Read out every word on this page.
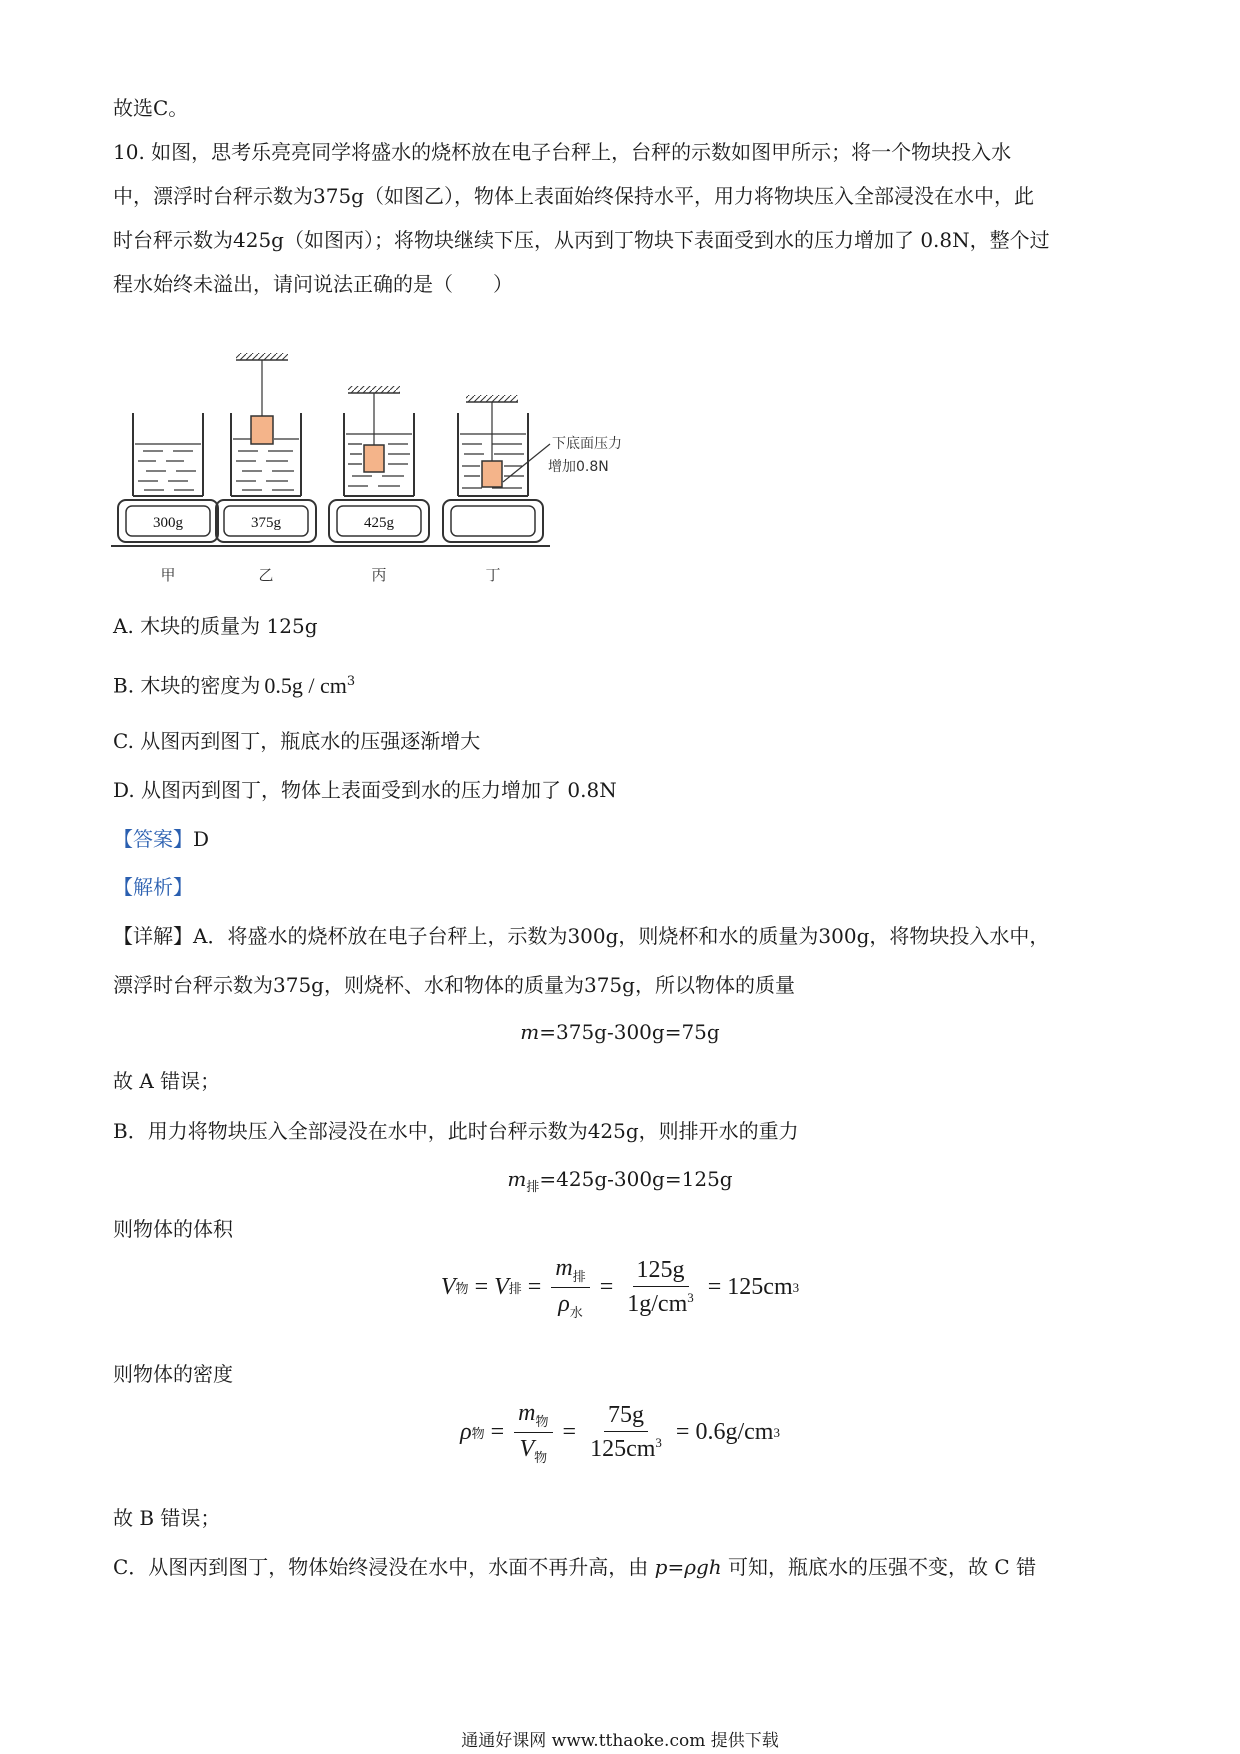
故选C。
10. 如图，思考乐亮亮同学将盛水的烧杯放在电子台秤上，台秤的示数如图甲所示；将一个物块投入水
中，漂浮时台秤示数为375g（如图乙），物体上表面始终保持水平，用力将物块压入全部浸没在水中，此
时台秤示数为425g（如图丙）；将物块继续下压，从丙到丁物块下表面受到水的压力增加了 0.8N，整个过
程水始终未溢出，请问说法正确的是（　　）
300g
甲
375g
乙
425g
丙
下底面压力
增加0.8N
丁
A. 木块的质量为 125g
B. 木块的密度为 $0.5g / cm^3$
C. 从图丙到图丁，瓶底水的压强逐渐增大
D. 从图丙到图丁，物体上表面受到水的压力增加了 0.8N
【答案】D
【解析】
【详解】A．将盛水的烧杯放在电子台秤上，示数为300g，则烧杯和水的质量为300g，将物块投入水中，
漂浮时台秤示数为375g，则烧杯、水和物体的质量为375g，所以物体的质量
m=375g-300g=75g
故 A 错误；
B．用力将物块压入全部浸没在水中，此时台秤示数为425g，则排开水的重力
$m_排=425g-300g=125g$
则物体的体积
V 物 = V 排 = $\frac{m_排}{\rho_水} = \frac{125g}{1g/cm^3} = 125cm$ 3
则物体的密度
ρ 物 = $\frac{m_物}{V_物} = \frac{75g}{125cm^3} = 0.6g/cm$ 3
故 B 错误；
C．从图丙到图丁，物体始终浸没在水中，水面不再升高，由 p=ρgh 可知，瓶底水的压强不变，故 C 错
通通好课网 www.tthaoke.com 提供下载
